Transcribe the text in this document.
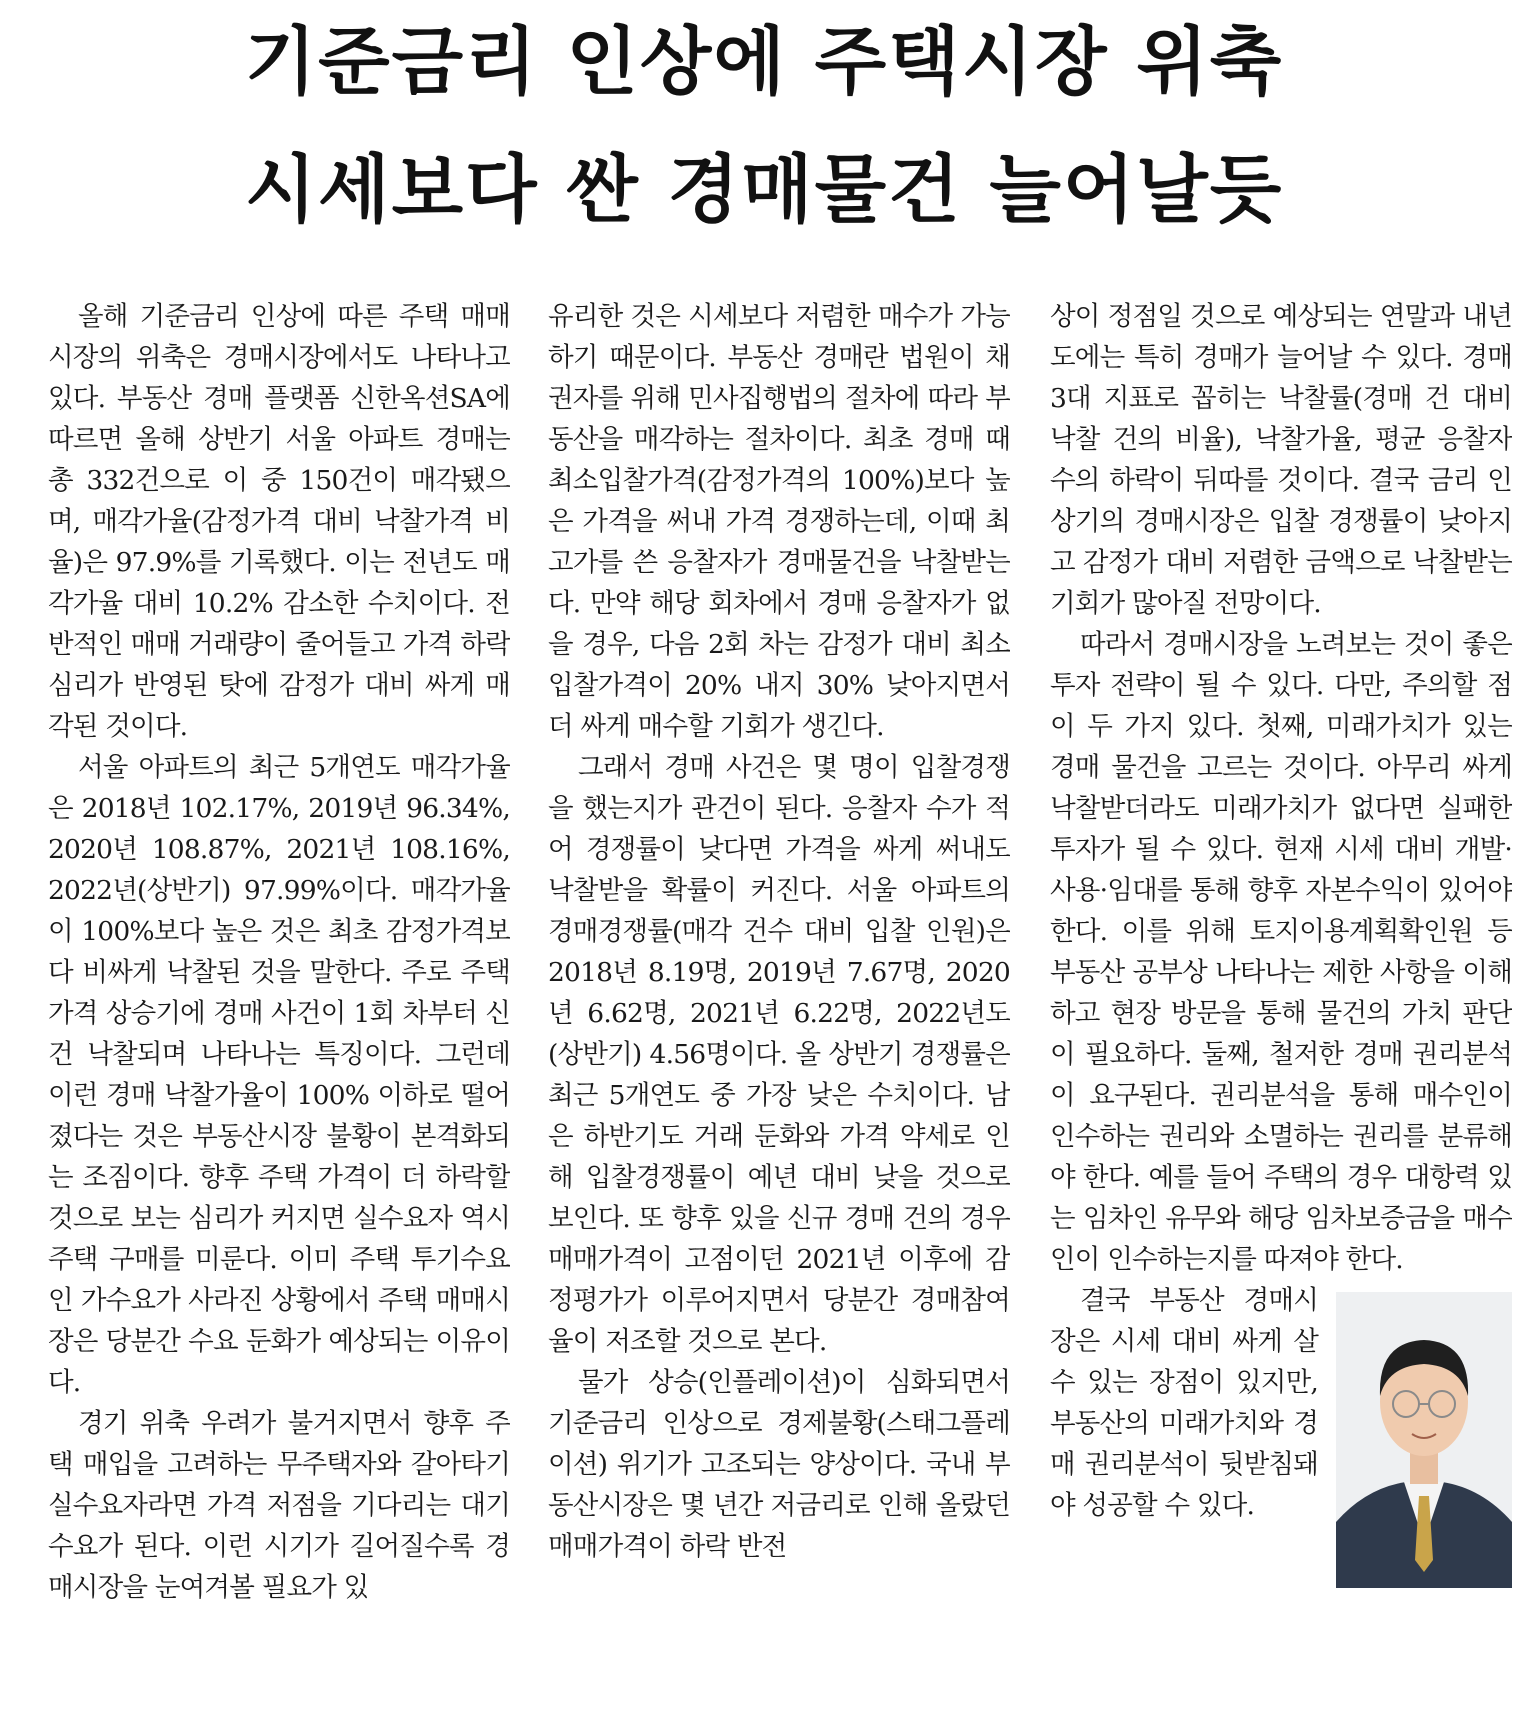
기준금리 인상에 주택시장 위축
시세보다 싼 경매물건 늘어날듯

올해 기준금리 인상에 따른 주택 매매시장의 위축은 경매시장에서도 나타나고 있다. 부동산 경매 플랫폼 신한옥션SA에 따르면 올해 상반기 서울 아파트 경매는 총 332건으로 이 중 150건이 매각됐으며, 매각가율(감정가격 대비 낙찰가격 비율)은 97.9%를 기록했다. 이는 전년도 매각가율 대비 10.2% 감소한 수치이다. 전반적인 매매 거래량이 줄어들고 가격 하락 심리가 반영된 탓에 감정가 대비 싸게 매각된 것이다.

서울 아파트의 최근 5개연도 매각가율은 2018년 102.17%, 2019년 96.34%, 2020년 108.87%, 2021년 108.16%, 2022년(상반기) 97.99%이다. 매각가율이 100%보다 높은 것은 최초 감정가격보다 비싸게 낙찰된 것을 말한다. 주로 주택 가격 상승기에 경매 사건이 1회 차부터 신건 낙찰되며 나타나는 특징이다. 그런데 이런 경매 낙찰가율이 100% 이하로 떨어졌다는 것은 부동산시장 불황이 본격화되는 조짐이다. 향후 주택 가격이 더 하락할 것으로 보는 심리가 커지면 실수요자 역시 주택 구매를 미룬다. 이미 주택 투기수요인 가수요가 사라진 상황에서 주택 매매시장은 당분간 수요 둔화가 예상되는 이유이다.

경기 위축 우려가 불거지면서 향후 주택 매입을 고려하는 무주택자와 갈아타기 실수요자라면 가격 저점을 기다리는 대기수요가 된다. 이런 시기가 길어질수록 경매시장을 눈여겨볼 필요가 있

유리한 것은 시세보다 저렴한 매수가 가능하기 때문이다. 부동산 경매란 법원이 채권자를 위해 민사집행법의 절차에 따라 부동산을 매각하는 절차이다. 최초 경매 때 최소입찰가격(감정가격의 100%)보다 높은 가격을 써내 가격 경쟁하는데, 이때 최고가를 쓴 응찰자가 경매물건을 낙찰받는다. 만약 해당 회차에서 경매 응찰자가 없을 경우, 다음 2회 차는 감정가 대비 최소입찰가격이 20% 내지 30% 낮아지면서 더 싸게 매수할 기회가 생긴다.

그래서 경매 사건은 몇 명이 입찰경쟁을 했는지가 관건이 된다. 응찰자 수가 적어 경쟁률이 낮다면 가격을 싸게 써내도 낙찰받을 확률이 커진다. 서울 아파트의 경매경쟁률(매각 건수 대비 입찰 인원)은 2018년 8.19명, 2019년 7.67명, 2020년 6.62명, 2021년 6.22명, 2022년도(상반기) 4.56명이다. 올 상반기 경쟁률은 최근 5개연도 중 가장 낮은 수치이다. 남은 하반기도 거래 둔화와 가격 약세로 인해 입찰경쟁률이 예년 대비 낮을 것으로 보인다. 또 향후 있을 신규 경매 건의 경우 매매가격이 고점이던 2021년 이후에 감정평가가 이루어지면서 당분간 경매참여율이 저조할 것으로 본다.

물가 상승(인플레이션)이 심화되면서 기준금리 인상으로 경제불황(스태그플레이션) 위기가 고조되는 양상이다. 국내 부동산시장은 몇 년간 저금리로 인해 올랐던 매매가격이 하락 반전

상이 정점일 것으로 예상되는 연말과 내년도에는 특히 경매가 늘어날 수 있다. 경매 3대 지표로 꼽히는 낙찰률(경매 건 대비 낙찰 건의 비율), 낙찰가율, 평균 응찰자 수의 하락이 뒤따를 것이다. 결국 금리 인상기의 경매시장은 입찰 경쟁률이 낮아지고 감정가 대비 저렴한 금액으로 낙찰받는 기회가 많아질 전망이다.

따라서 경매시장을 노려보는 것이 좋은 투자 전략이 될 수 있다. 다만, 주의할 점이 두 가지 있다. 첫째, 미래가치가 있는 경매 물건을 고르는 것이다. 아무리 싸게 낙찰받더라도 미래가치가 없다면 실패한 투자가 될 수 있다. 현재 시세 대비 개발·사용·임대를 통해 향후 자본수익이 있어야 한다. 이를 위해 토지이용계획확인원 등 부동산 공부상 나타나는 제한 사항을 이해하고 현장 방문을 통해 물건의 가치 판단이 필요하다. 둘째, 철저한 경매 권리분석이 요구된다. 권리분석을 통해 매수인이 인수하는 권리와 소멸하는 권리를 분류해야 한다. 예를 들어 주택의 경우 대항력 있는 임차인 유무와 해당 임차보증금을 매수인이 인수하는지를 따져야 한다.

결국 부동산 경매시장은 시세 대비 싸게 살 수 있는 장점이 있지만, 부동산의 미래가치와 경매 권리분석이 뒷받침돼야 성공할 수 있다.
